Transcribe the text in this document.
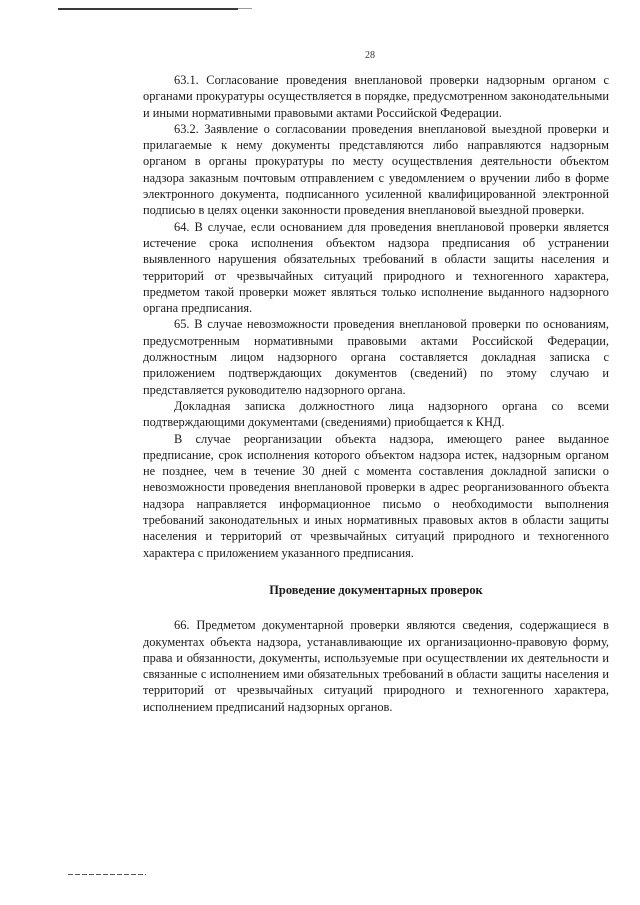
28

63.1. Согласование проведения внеплановой проверки надзорным органом с органами прокуратуры осуществляется в порядке, предусмотренном законодательными и иными нормативными правовыми актами Российской Федерации.

63.2. Заявление о согласовании проведения внеплановой выездной проверки и прилагаемые к нему документы представляются либо направляются надзорным органом в органы прокуратуры по месту осуществления деятельности объектом надзора заказным почтовым отправлением с уведомлением о вручении либо в форме электронного документа, подписанного усиленной квалифицированной электронной подписью в целях оценки законности проведения внеплановой выездной проверки.

64. В случае, если основанием для проведения внеплановой проверки является истечение срока исполнения объектом надзора предписания об устранении выявленного нарушения обязательных требований в области защиты населения и территорий от чрезвычайных ситуаций природного и техногенного характера, предметом такой проверки может являться только исполнение выданного надзорного органа предписания.

65. В случае невозможности проведения внеплановой проверки по основаниям, предусмотренным нормативными правовыми актами Российской Федерации, должностным лицом надзорного органа составляется докладная записка с приложением подтверждающих документов (сведений) по этому случаю и представляется руководителю надзорного органа.

Докладная записка должностного лица надзорного органа со всеми подтверждающими документами (сведениями) приобщается к КНД.

В случае реорганизации объекта надзора, имеющего ранее выданное предписание, срок исполнения которого объектом надзора истек, надзорным органом не позднее, чем в течение 30 дней с момента составления докладной записки о невозможности проведения внеплановой проверки в адрес реорганизованного объекта надзора направляется информационное письмо о необходимости выполнения требований законодательных и иных нормативных правовых актов в области защиты населения и территорий от чрезвычайных ситуаций природного и техногенного характера с приложением указанного предписания.

Проведение документарных проверок

66. Предметом документарной проверки являются сведения, содержащиеся в документах объекта надзора, устанавливающие их организационно-правовую форму, права и обязанности, документы, используемые при осуществлении их деятельности и связанные с исполнением ими обязательных требований в области защиты населения и территорий от чрезвычайных ситуаций природного и техногенного характера, исполнением предписаний надзорных органов.
